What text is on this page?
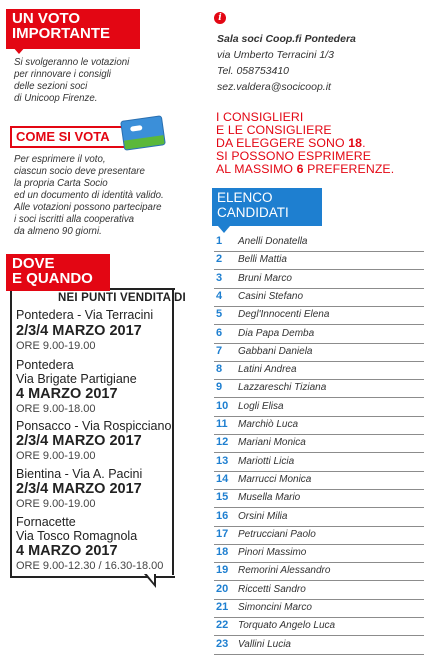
UN VOTO
IMPORTANTE
Si svolgeranno le votazioni
per rinnovare i consigli
delle sezioni soci
di Unicoop Firenze.
COME SI VOTA
Per esprimere il voto,
ciascun socio deve presentare
la propria Carta Socio
ed un documento di identità valido.
Alle votazioni possono partecipare
i soci iscritti alla cooperativa
da almeno 90 giorni.
DOVE
E QUANDO
NEI PUNTI VENDITA DI
Pontedera - Via Terracini
2/3/4 MARZO 2017
ORE 9.00-19.00
Pontedera
Via Brigate Partigiane
4 MARZO 2017
ORE 9.00-18.00
Ponsacco - Via Rospicciano
2/3/4 MARZO 2017
ORE 9.00-19.00
Bientina - Via A. Pacini
2/3/4 MARZO 2017
ORE 9.00-19.00
Fornacette
Via Tosco Romagnola
4 MARZO 2017
ORE 9.00-12.30 / 16.30-18.00
i
Sala soci Coop.fi Pontedera
via Umberto Terracini 1/3
Tel. 058753410
sez.valdera@socicoop.it
I CONSIGLIERI
E LE CONSIGLIERE
DA ELEGGERE SONO 18.
SI POSSONO ESPRIMERE
AL MASSIMO 6 PREFERENZE.
ELENCO
CANDIDATI
1	Anelli Donatella
2	Belli Mattia
3	Bruni Marco
4	Casini Stefano
5	Degl'Innocenti Elena
6	Dia Papa Demba
7	Gabbani Daniela
8	Latini Andrea
9	Lazzareschi Tiziana
10 Logli Elisa
11	Marchiò Luca
12 Mariani Monica
13 Mariotti Licia
14 Marrucci Monica
15 Musella Mario
16 Orsini Milia
17 Petrucciani Paolo
18 Pinori Massimo
19 Remorini Alessandro
20 Riccetti Sandro
21 Simoncini Marco
22 Torquato Angelo Luca
23 Vallini Lucia
